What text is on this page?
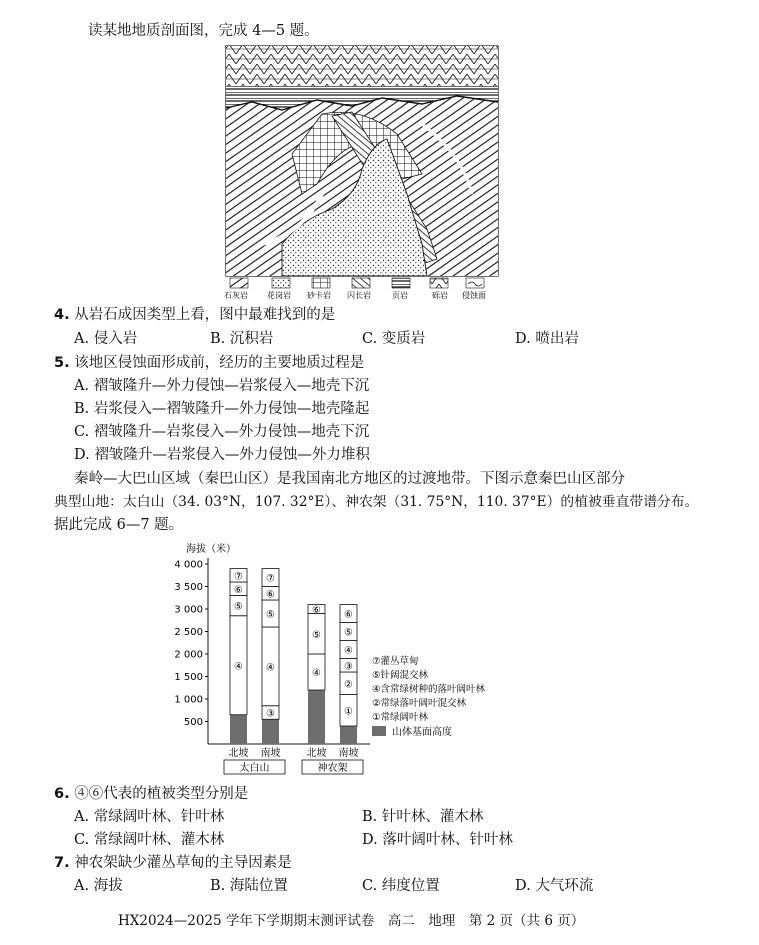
读某地地质剖面图，完成 4—5 题。
石灰岩 花岗岩 砂卡岩 闪长岩	页岩	砾岩 侵蚀面
4. 从岩石成因类型上看，图中最难找到的是
A. 侵入岩	B. 沉积岩	C. 变质岩	D. 喷出岩
5. 该地区侵蚀面形成前，经历的主要地质过程是
A. 褶皱隆升—外力侵蚀—岩浆侵入—地壳下沉
B. 岩浆侵入—褶皱隆升—外力侵蚀—地壳隆起
C. 褶皱隆升—岩浆侵入—外力侵蚀—地壳下沉
D. 褶皱隆升—岩浆侵入—外力侵蚀—外力堆积
秦岭—大巴山区域（秦巴山区）是我国南北方地区的过渡地带。下图示意秦巴山区部分
典型山地：太白山（34. 03°N，107. 32°E）、神农架（31. 75°N，110. 37°E）的植被垂直带谱分布。
据此完成 6—7 题。
海拔（米）
500
1 000
1 500
2 000
2 500
3 000
3 500
4 000
④
⑤
⑥
⑦
③
④
⑤
⑥
⑦
④
⑤
⑥
①
②
③
④
⑤
⑥
北坡 南坡	北坡 南坡
太白山	神农架
⑦灌丛草甸
⑤针阔混交林
④含常绿树种的落叶阔叶林
②常绿落叶阔叶混交林
①常绿阔叶林
山体基面高度
6. ④⑥代表的植被类型分别是
A. 常绿阔叶林、针叶林	B. 针叶林、灌木林
C. 常绿阔叶林、灌木林	D. 落叶阔叶林、针叶林
7. 神农架缺少灌丛草甸的主导因素是
A. 海拔	B. 海陆位置	C. 纬度位置	D. 大气环流
HX2024—2025 学年下学期期末测评试卷　高二　地理　第 2 页（共 6 页）
